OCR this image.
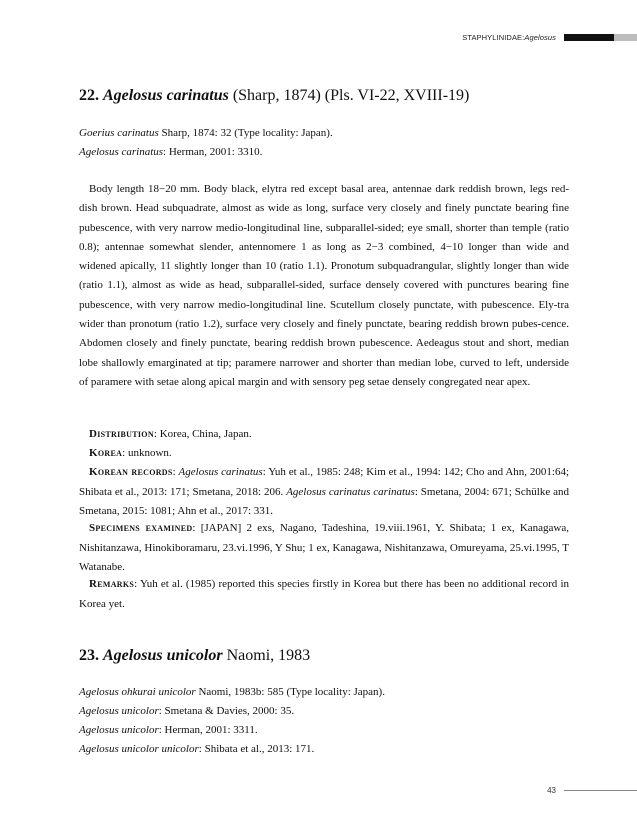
STAPHYLINIDAE: Agelosus
22. Agelosus carinatus (Sharp, 1874) (Pls. VI-22, XVIII-19)
Goerius carinatus Sharp, 1874: 32 (Type locality: Japan).
Agelosus carinatus: Herman, 2001: 3310.
Body length 18−20 mm. Body black, elytra red except basal area, antennae dark reddish brown, legs red-dish brown. Head subquadrate, almost as wide as long, surface very closely and finely punctate bearing fine pubescence, with very narrow medio-longitudinal line, subparallel-sided; eye small, shorter than temple (ratio 0.8); antennae somewhat slender, antennomere 1 as long as 2−3 combined, 4−10 longer than wide and widened apically, 11 slightly longer than 10 (ratio 1.1). Pronotum subquadrangular, slightly longer than wide (ratio 1.1), almost as wide as head, subparallel-sided, surface densely covered with punctures bearing fine pubescence, with very narrow medio-longitudinal line. Scutellum closely punctate, with pubescence. Ely-tra wider than pronotum (ratio 1.2), surface very closely and finely punctate, bearing reddish brown pubes-cence. Abdomen closely and finely punctate, bearing reddish brown pubescence. Aedeagus stout and short, median lobe shallowly emarginated at tip; paramere narrower and shorter than median lobe, curved to left, underside of paramere with setae along apical margin and with sensory peg setae densely congregated near apex.
Distribution: Korea, China, Japan.
Korea: unknown.
Korean records: Agelosus carinatus: Yuh et al., 1985: 248; Kim et al., 1994: 142; Cho and Ahn, 2001:64; Shibata et al., 2013: 171; Smetana, 2018: 206. Agelosus carinatus carinatus: Smetana, 2004: 671; Schülke and Smetana, 2015: 1081; Ahn et al., 2017: 331.
Specimens examined: [JAPAN] 2 exs, Nagano, Tadeshina, 19.viii.1961, Y. Shibata; 1 ex, Kanagawa, Nishitanzawa, Hinokiboramaru, 23.vi.1996, Y Shu; 1 ex, Kanagawa, Nishitanzawa, Omureyama, 25.vi.1995, T Watanabe.
Remarks: Yuh et al. (1985) reported this species firstly in Korea but there has been no additional record in Korea yet.
23. Agelosus unicolor Naomi, 1983
Agelosus ohkurai unicolor Naomi, 1983b: 585 (Type locality: Japan).
Agelosus unicolor: Smetana & Davies, 2000: 35.
Agelosus unicolor: Herman, 2001: 3311.
Agelosus unicolor unicolor: Shibata et al., 2013: 171.
43
